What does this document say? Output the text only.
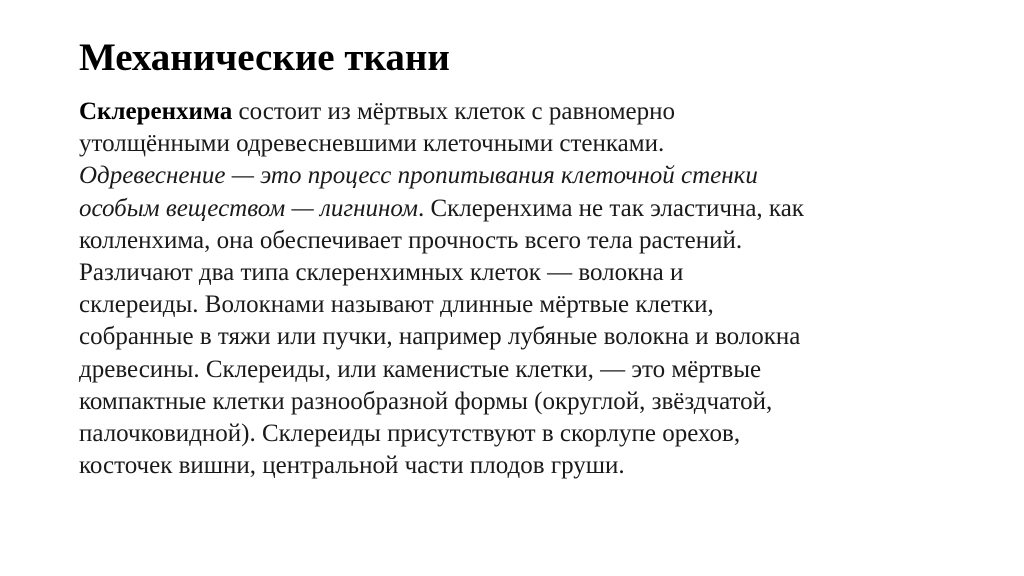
Механические ткани
Склеренхима состоит из мёртвых клеток с равномерно
утолщёнными одревесневшими клеточными стенками.
Одревеснение — это процесс пропитывания клеточной стенки
особым веществом — лигнином. Склеренхима не так эластична, как
колленхима, она обеспечивает прочность всего тела растений.
Различают два типа склеренхимных клеток — волокна и
склереиды. Волокнами называют длинные мёртвые клетки,
собранные в тяжи или пучки, например лубяные волокна и волокна
древесины. Склереиды, или каменистые клетки, — это мёртвые
компактные клетки разнообразной формы (округлой, звёздчатой,
палочковидной). Склереиды присутствуют в скорлупе орехов,
косточек вишни, центральной части плодов груши.
